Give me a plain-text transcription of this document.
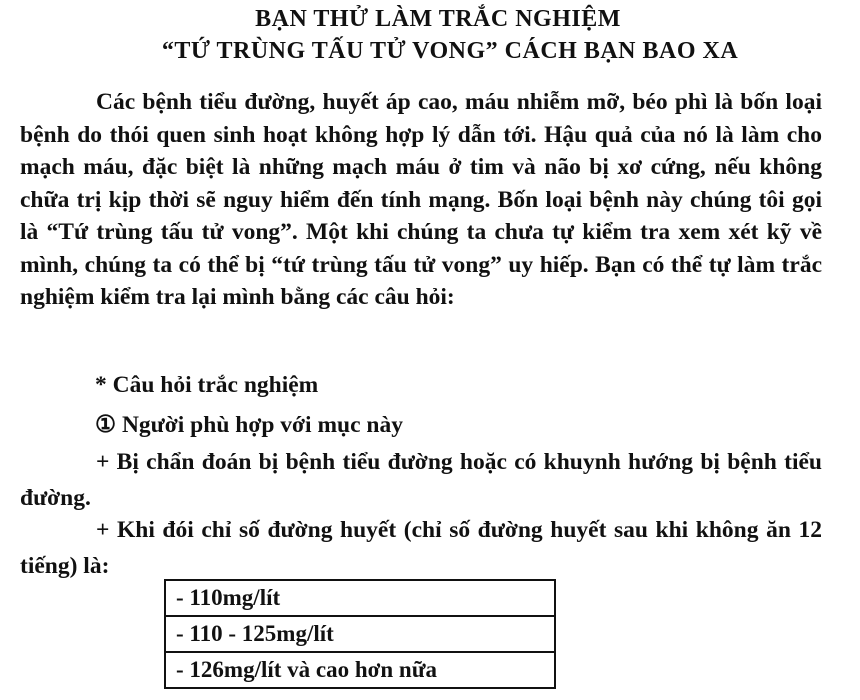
BẠN THỬ LÀM TRẮC NGHIỆM
“TỨ TRÙNG TẤU TỬ VONG” CÁCH BẠN BAO XA

Các bệnh tiểu đường, huyết áp cao, máu nhiễm mỡ, béo phì là bốn loại bệnh do thói quen sinh hoạt không hợp lý dẫn tới. Hậu quả của nó là làm cho mạch máu, đặc biệt là những mạch máu ở tim và não bị xơ cứng, nếu không chữa trị kịp thời sẽ nguy hiểm đến tính mạng. Bốn loại bệnh này chúng tôi gọi là “Tứ trùng tấu tử vong”. Một khi chúng ta chưa tự kiểm tra xem xét kỹ về mình, chúng ta có thể bị “tứ trùng tấu tử vong” uy hiếp. Bạn có thể tự làm trắc nghiệm kiểm tra lại mình bằng các câu hỏi:

* Câu hỏi trắc nghiệm
① Người phù hợp với mục này

+ Bị chẩn đoán bị bệnh tiểu đường hoặc có khuynh hướng bị bệnh tiểu đường.

+ Khi đói chỉ số đường huyết (chỉ số đường huyết sau khi không ăn 12 tiếng) là:

- 110mg/lít
- 110 - 125mg/lít
- 126mg/lít và cao hơn nữa
